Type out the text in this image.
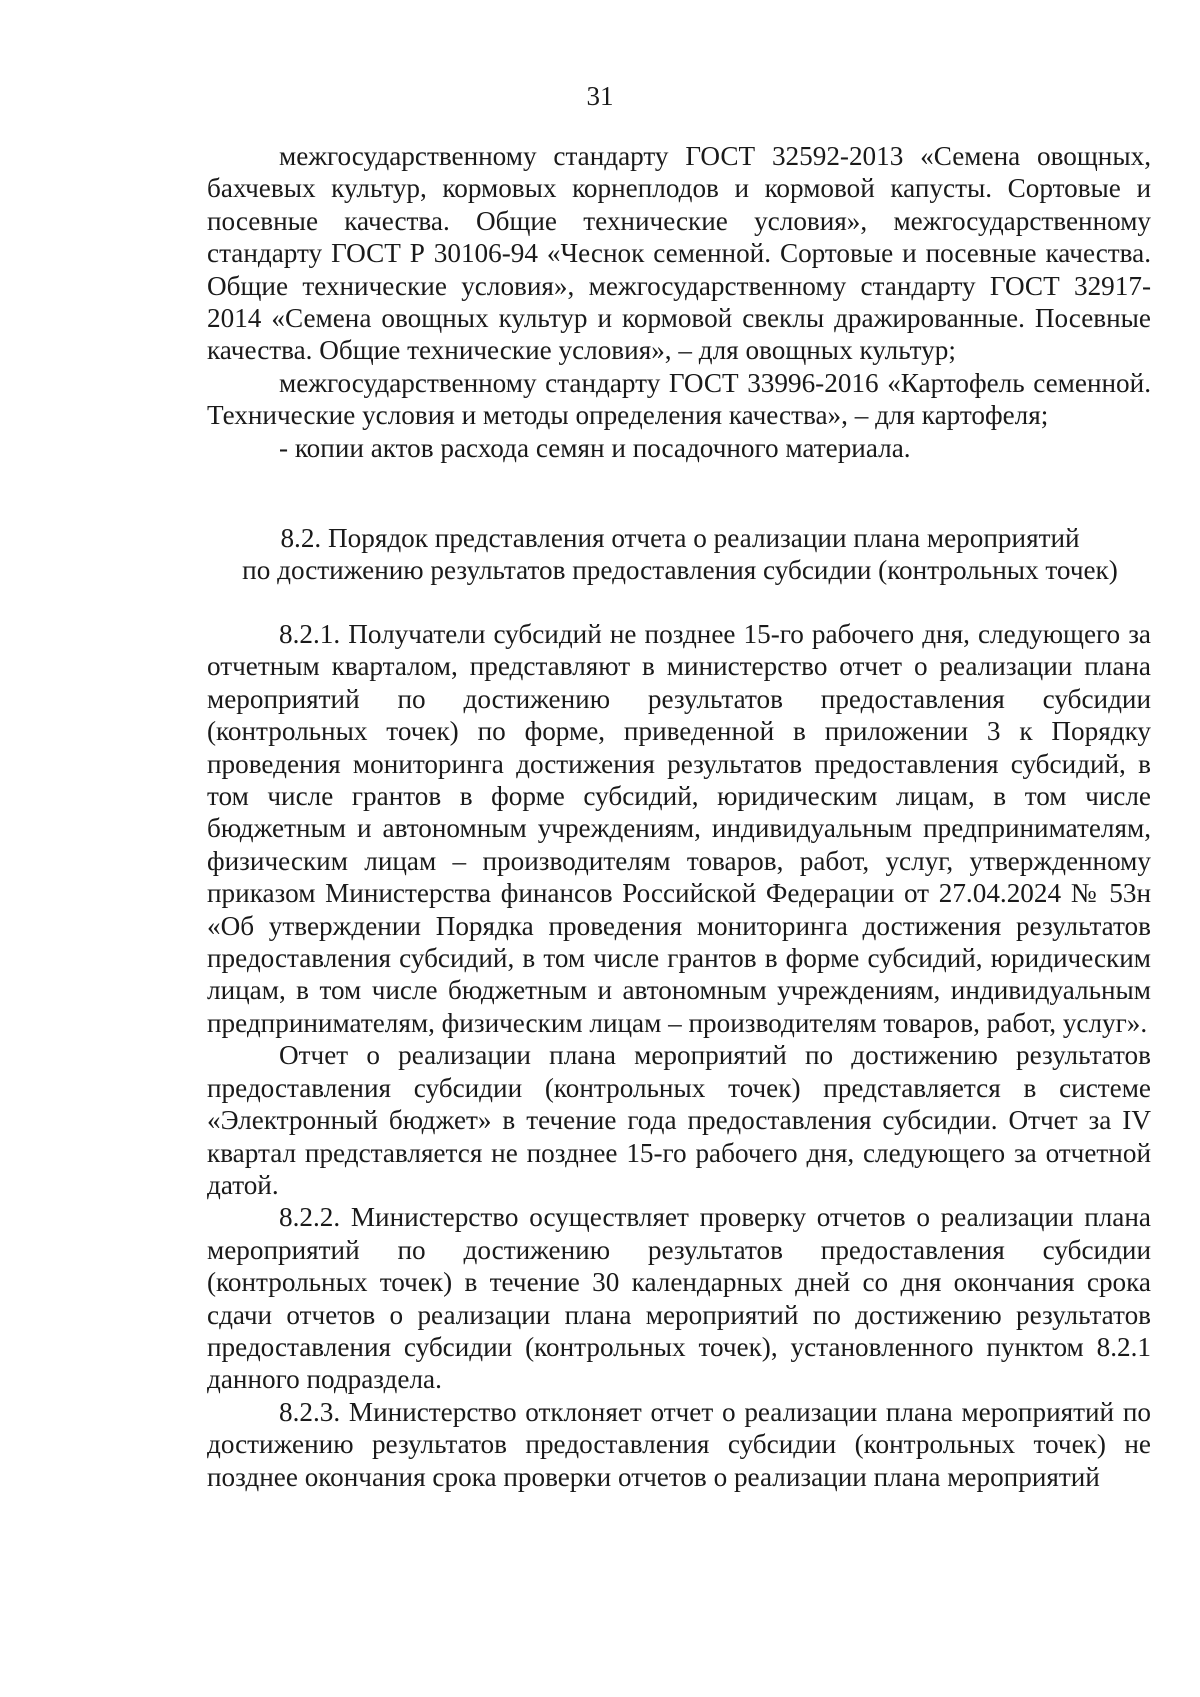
31

межгосударственному стандарту ГОСТ 32592-2013 «Семена овощных, бахчевых культур, кормовых корнеплодов и кормовой капусты. Сортовые и посевные качества. Общие технические условия», межгосударственному стандарту ГОСТ Р 30106-94 «Чеснок семенной. Сортовые и посевные качества. Общие технические условия», межгосударственному стандарту ГОСТ 32917-2014 «Семена овощных культур и кормовой свеклы дражированные. Посевные качества. Общие технические условия», – для овощных культур;

межгосударственному стандарту ГОСТ 33996-2016 «Картофель семенной. Технические условия и методы определения качества», – для картофеля;

- копии актов расхода семян и посадочного материала.

8.2. Порядок представления отчета о реализации плана мероприятий
по достижению результатов предоставления субсидии (контрольных точек)

8.2.1. Получатели субсидий не позднее 15-го рабочего дня, следующего за отчетным кварталом, представляют в министерство отчет о реализации плана мероприятий по достижению результатов предоставления субсидии (контрольных точек) по форме, приведенной в приложении 3 к Порядку проведения мониторинга достижения результатов предоставления субсидий, в том числе грантов в форме субсидий, юридическим лицам, в том числе бюджетным и автономным учреждениям, индивидуальным предпринимателям, физическим лицам – производителям товаров, работ, услуг, утвержденному приказом Министерства финансов Российской Федерации от 27.04.2024 № 53н «Об утверждении Порядка проведения мониторинга достижения результатов предоставления субсидий, в том числе грантов в форме субсидий, юридическим лицам, в том числе бюджетным и автономным учреждениям, индивидуальным предпринимателям, физическим лицам – производителям товаров, работ, услуг».

Отчет о реализации плана мероприятий по достижению результатов предоставления субсидии (контрольных точек) представляется в системе «Электронный бюджет» в течение года предоставления субсидии. Отчет за IV квартал представляется не позднее 15-го рабочего дня, следующего за отчетной датой.

8.2.2. Министерство осуществляет проверку отчетов о реализации плана мероприятий по достижению результатов предоставления субсидии (контрольных точек) в течение 30 календарных дней со дня окончания срока сдачи отчетов о реализации плана мероприятий по достижению результатов предоставления субсидии (контрольных точек), установленного пунктом 8.2.1 данного подраздела.

8.2.3. Министерство отклоняет отчет о реализации плана мероприятий по достижению результатов предоставления субсидии (контрольных точек) не позднее окончания срока проверки отчетов о реализации плана мероприятий
